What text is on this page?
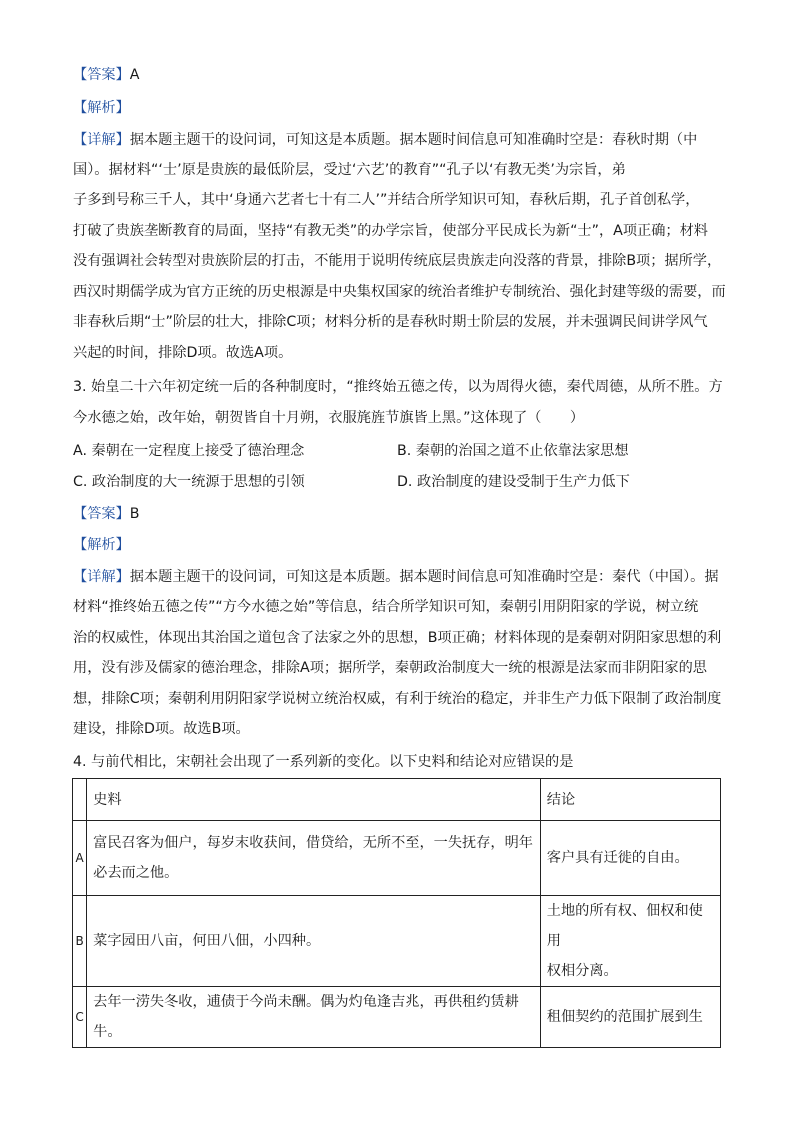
【答案】A
【解析】
【详解】据本题主题干的设问词，可知这是本质题。据本题时间信息可知准确时空是：春秋时期（中
国）。据材料“‘士’原是贵族的最低阶层，受过‘六艺’的教育”“孔子以‘有教无类’为宗旨，弟
子多到号称三千人，其中‘身通六艺者七十有二人’”并结合所学知识可知，春秋后期，孔子首创私学，
打破了贵族垄断教育的局面，坚持“有教无类”的办学宗旨，使部分平民成长为新“士”，A项正确；材料
没有强调社会转型对贵族阶层的打击，不能用于说明传统底层贵族走向没落的背景，排除B项；据所学，
西汉时期儒学成为官方正统的历史根源是中央集权国家的统治者维护专制统治、强化封建等级的需要，而
非春秋后期“士”阶层的壮大，排除C项；材料分析的是春秋时期士阶层的发展，并未强调民间讲学风气
兴起的时间，排除D项。故选A项。
3. 始皇二十六年初定统一后的各种制度时，“推终始五德之传，以为周得火德，秦代周德，从所不胜。方
今水德之始，改年始，朝贺皆自十月朔，衣服旄旌节旗皆上黑。”这体现了（　　）
A. 秦朝在一定程度上接受了德治理念	B. 秦朝的治国之道不止依靠法家思想
C. 政治制度的大一统源于思想的引领	D. 政治制度的建设受制于生产力低下
【答案】B
【解析】
【详解】据本题主题干的设问词，可知这是本质题。据本题时间信息可知准确时空是：秦代（中国）。据
材料“推终始五德之传”“方今水德之始”等信息，结合所学知识可知，秦朝引用阴阳家的学说，树立统
治的权威性，体现出其治国之道包含了法家之外的思想，B项正确；材料体现的是秦朝对阴阳家思想的利
用，没有涉及儒家的德治理念，排除A项；据所学，秦朝政治制度大一统的根源是法家而非阴阳家的思
想，排除C项；秦朝利用阴阳家学说树立统治权威，有利于统治的稳定，并非生产力低下限制了政治制度
建设，排除D项。故选B项。
4. 与前代相比，宋朝社会出现了一系列新的变化。以下史料和结论对应错误的是
	史料	结论
A	富民召客为佃户，每岁末收获间，借贷给，无所不至，一失抚存，明年
必去而之他。	客户具有迁徙的自由。

B	菜字园田八亩，何田八佃，小四种。	土地的所有权、佃权和使用
权相分离。

C	去年一涝失冬收，逋债于今尚未酬。偶为灼龟逢吉兆，再供租约赁耕牛。	租佃契约的范围扩展到生
